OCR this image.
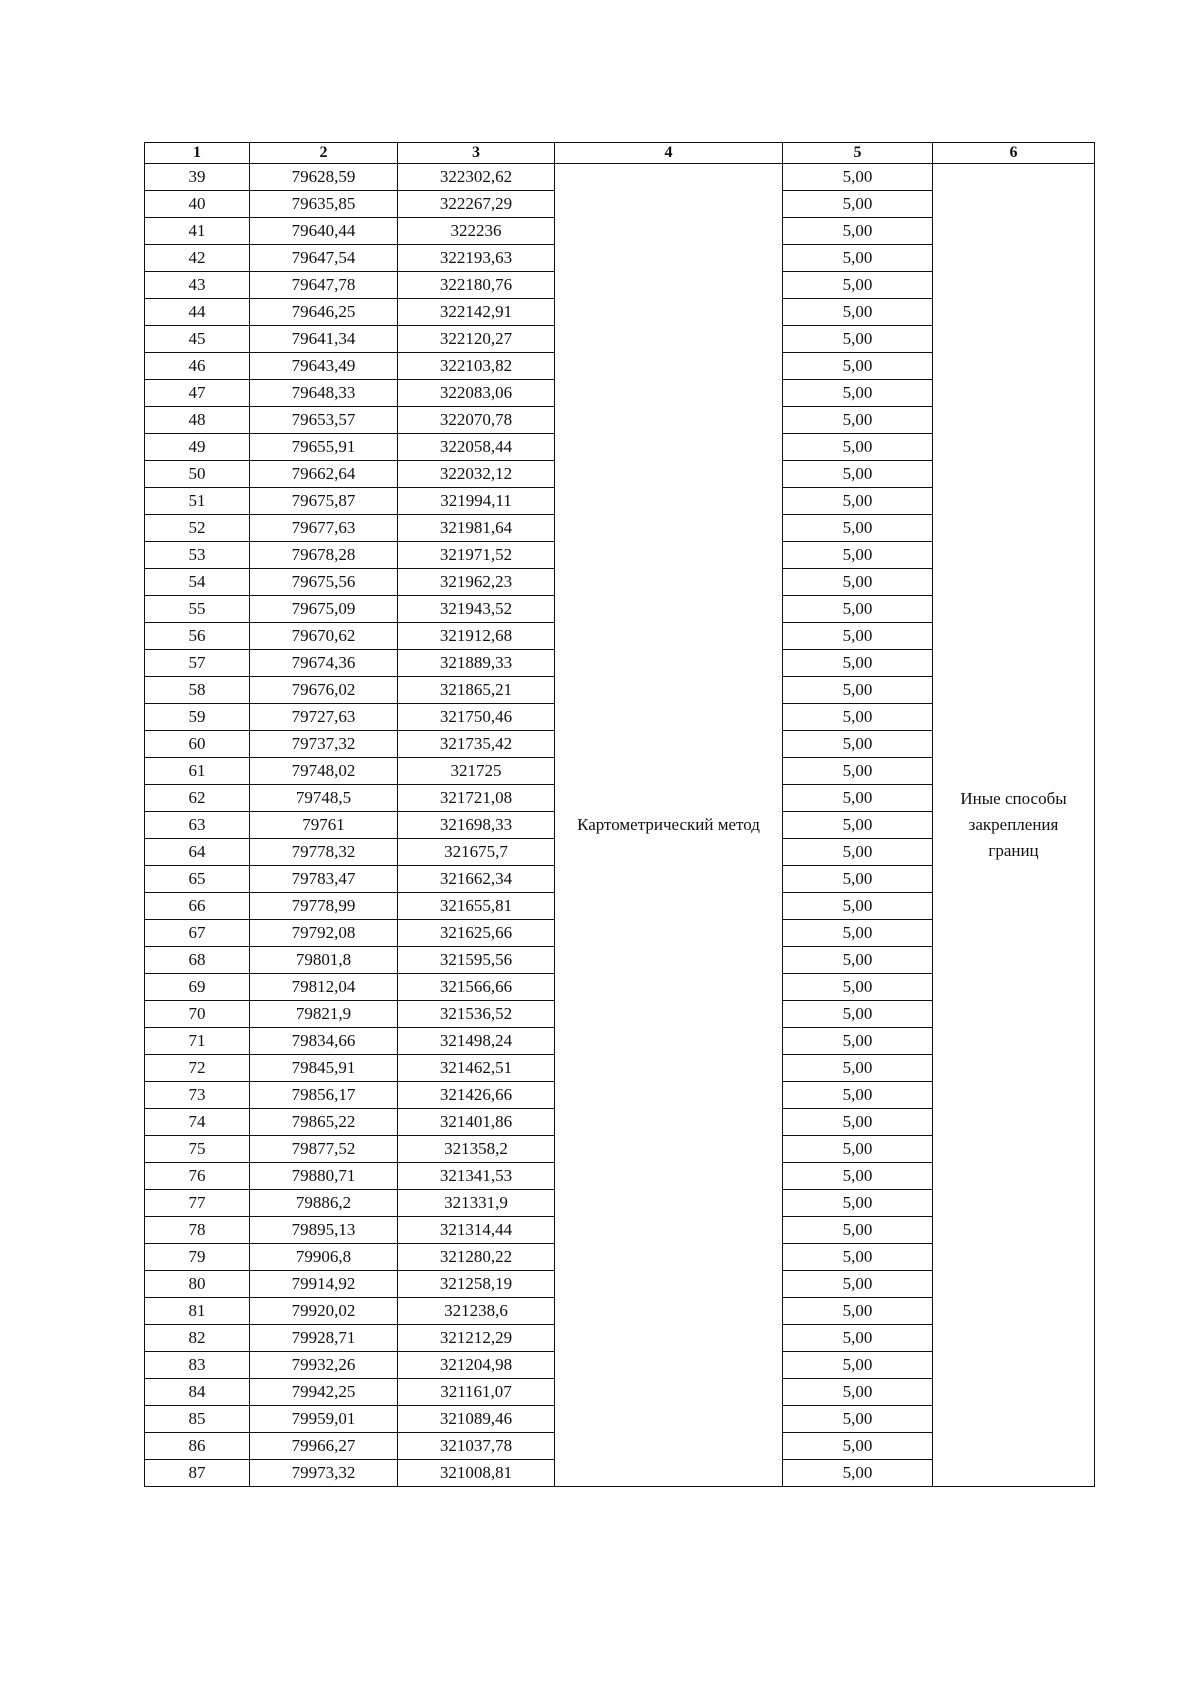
1	2	3	4	5	6
39	79628,59	322302,62	Картометрический метод	5,00	Иные способы
закрепления
границ

40	79635,85	322267,29		5,00	
41	79640,44	322236		5,00	
42	79647,54	322193,63		5,00	
43	79647,78	322180,76		5,00	
44	79646,25	322142,91		5,00	
45	79641,34	322120,27		5,00	
46	79643,49	322103,82		5,00	
47	79648,33	322083,06		5,00	
48	79653,57	322070,78		5,00	
49	79655,91	322058,44		5,00	
50	79662,64	322032,12		5,00	
51	79675,87	321994,11		5,00	
52	79677,63	321981,64		5,00	
53	79678,28	321971,52		5,00	
54	79675,56	321962,23		5,00	
55	79675,09	321943,52		5,00	
56	79670,62	321912,68		5,00	
57	79674,36	321889,33		5,00	
58	79676,02	321865,21		5,00	
59	79727,63	321750,46		5,00	
60	79737,32	321735,42		5,00	
61	79748,02	321725		5,00	
62	79748,5	321721,08		5,00	
63	79761	321698,33		5,00	
64	79778,32	321675,7		5,00	
65	79783,47	321662,34		5,00	
66	79778,99	321655,81		5,00	
67	79792,08	321625,66		5,00	
68	79801,8	321595,56		5,00	
69	79812,04	321566,66		5,00	
70	79821,9	321536,52		5,00	
71	79834,66	321498,24		5,00	
72	79845,91	321462,51		5,00	
73	79856,17	321426,66		5,00	
74	79865,22	321401,86		5,00	
75	79877,52	321358,2		5,00	
76	79880,71	321341,53		5,00	
77	79886,2	321331,9		5,00	
78	79895,13	321314,44		5,00	
79	79906,8	321280,22		5,00	
80	79914,92	321258,19		5,00	
81	79920,02	321238,6		5,00	
82	79928,71	321212,29		5,00	
83	79932,26	321204,98		5,00	
84	79942,25	321161,07		5,00	
85	79959,01	321089,46		5,00	
86	79966,27	321037,78		5,00	
87	79973,32	321008,81		5,00	
